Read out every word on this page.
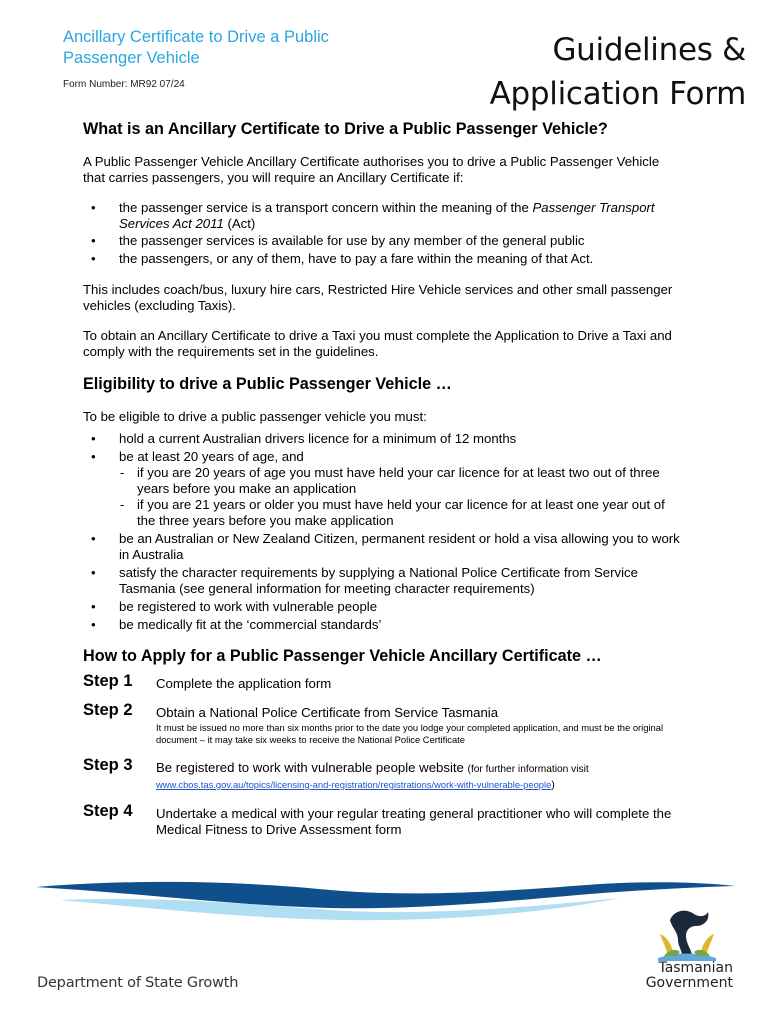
Ancillary Certificate to Drive a Public Passenger Vehicle
Form Number: MR92 07/24
Guidelines &
Application Form
What is an Ancillary Certificate to Drive a Public Passenger Vehicle?

A Public Passenger Vehicle Ancillary Certificate authorises you to drive a Public Passenger Vehicle that carries passengers, you will require an Ancillary Certificate if:

• the passenger service is a transport concern within the meaning of the Passenger Transport Services Act 2011 (Act)
• the passenger services is available for use by any member of the general public
• the passengers, or any of them, have to pay a fare within the meaning of that Act.

This includes coach/bus, luxury hire cars, Restricted Hire Vehicle services and other small passenger vehicles (excluding Taxis).

To obtain an Ancillary Certificate to drive a Taxi you must complete the Application to Drive a Taxi and comply with the requirements set in the guidelines.

Eligibility to drive a Public Passenger Vehicle …

To be eligible to drive a public passenger vehicle you must:

• hold a current Australian drivers licence for a minimum of 12 months
• be at least 20 years of age, and
- if you are 20 years of age you must have held your car licence for at least two out of three years before you make an application
- if you are 21 years or older you must have held your car licence for at least one year out of the three years before you make application
• be an Australian or New Zealand Citizen, permanent resident or hold a visa allowing you to work in Australia
• satisfy the character requirements by supplying a National Police Certificate from Service Tasmania (see general information for meeting character requirements)
• be registered to work with vulnerable people
• be medically fit at the ‘commercial standards’
How to Apply for a Public Passenger Vehicle Ancillary Certificate …
Step 1 Complete the application form
Step 2 Obtain a National Police Certificate from Service Tasmania
It must be issued no more than six months prior to the date you lodge your completed application, and must be the original document – it may take six weeks to receive the National Police Certificate
Step 3 Be registered to work with vulnerable people website (for further information visit
www.cbos.tas.gov.au/topics/licensing-and-registration/registrations/work-with-vulnerable-people)
Step 4 Undertake a medical with your regular treating general practitioner who will complete the Medical Fitness to Drive Assessment form
Department of State Growth
Tasmanian
Government
